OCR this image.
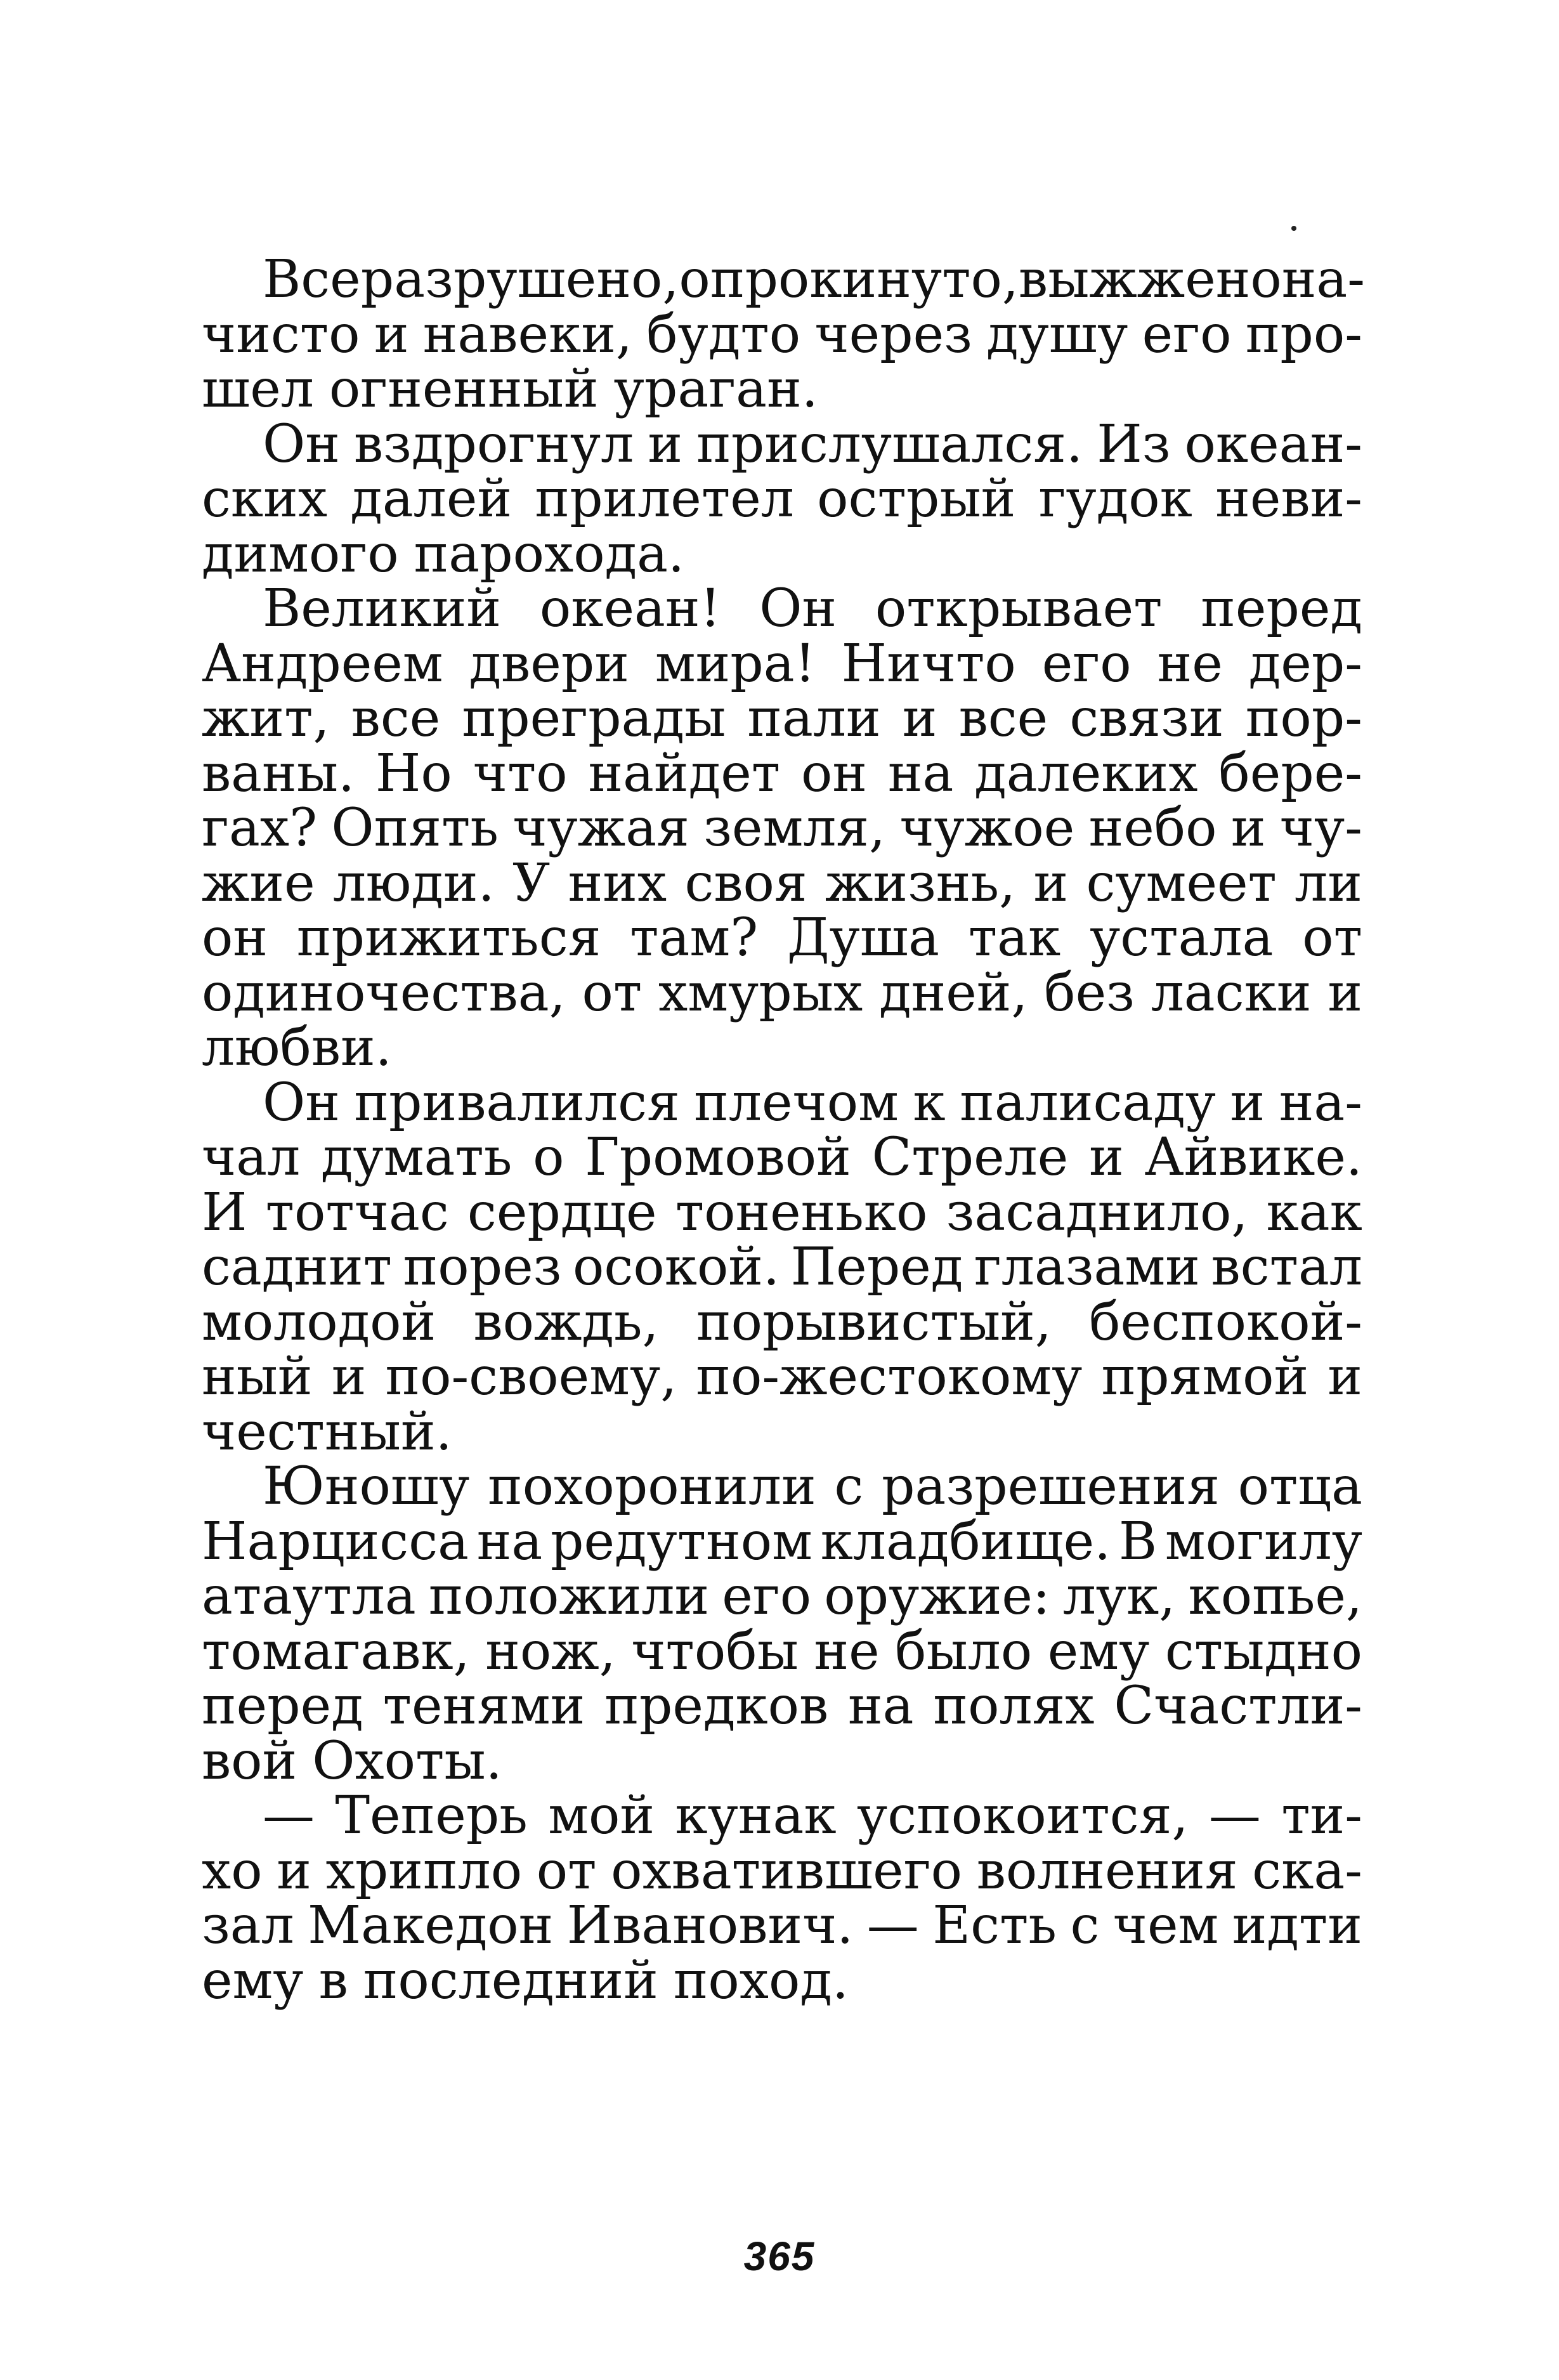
Все разрушено, опрокинуто, выжжено на-
чисто и навеки, будто через душу его про-
шел огненный ураган.
Он вздрогнул и прислушался. Из океан-
ских далей прилетел острый гудок неви-
димого парохода.
Великий океан! Он открывает перед
Андреем двери мира! Ничто его не дер-
жит, все преграды пали и все связи пор-
ваны. Но что найдет он на далеких бере-
гах? Опять чужая земля, чужое небо и чу-
жие люди. У них своя жизнь, и сумеет ли
он прижиться там? Душа так устала от
одиночества, от хмурых дней, без ласки и
любви.
Он привалился плечом к палисаду и на-
чал думать о Громовой Стреле и Айвике.
И тотчас сердце тоненько засаднило, как
саднит порез осокой. Перед глазами встал
молодой вождь, порывистый, беспокой-
ный и по-своему, по-жестокому прямой и
честный.
Юношу похоронили с разрешения отца
Нарцисса на редутном кладбище. В могилу
атаутла положили его оружие: лук, копье,
томагавк, нож, чтобы не было ему стыдно
перед тенями предков на полях Счастли-
вой Охоты.
— Теперь мой кунак успокоится, — ти-
хо и хрипло от охватившего волнения ска-
зал Македон Иванович. — Есть с чем идти
ему в последний поход.
365
